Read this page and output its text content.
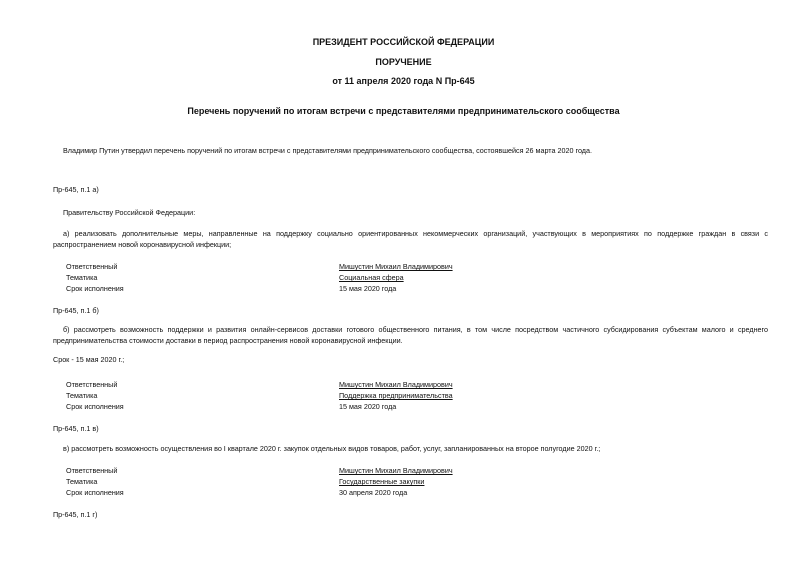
ПРЕЗИДЕНТ РОССИЙСКОЙ ФЕДЕРАЦИИ
ПОРУЧЕНИЕ
от 11 апреля 2020 года N Пр-645
Перечень поручений по итогам встречи с представителями предпринимательского сообщества
Владимир Путин утвердил перечень поручений по итогам встречи с представителями предпринимательского сообщества, состоявшейся 26 марта 2020 года.
Пр-645, п.1 а)
Правительству Российской Федерации:
а) реализовать дополнительные меры, направленные на поддержку социально ориентированных некоммерческих организаций, участвующих в мероприятиях по поддержке граждан в связи с распространением новой коронавирусной инфекции;
Ответственный	Мишустин Михаил Владимирович
Тематика	Социальная сфера
Срок исполнения	15 мая 2020 года
Пр-645, п.1 б)
б) рассмотреть возможность поддержки и развития онлайн-сервисов доставки готового общественного питания, в том числе посредством частичного субсидирования субъектам малого и среднего предпринимательства стоимости доставки в период распространения новой коронавирусной инфекции.
Срок - 15 мая 2020 г.;
Ответственный	Мишустин Михаил Владимирович
Тематика	Поддержка предпринимательства
Срок исполнения	15 мая 2020 года
Пр-645, п.1 в)
в) рассмотреть возможность осуществления во I квартале 2020 г. закупок отдельных видов товаров, работ, услуг, запланированных на второе полугодие 2020 г.;
Ответственный	Мишустин Михаил Владимирович
Тематика	Государственные закупки
Срок исполнения	30 апреля 2020 года
Пр-645, п.1 г)
